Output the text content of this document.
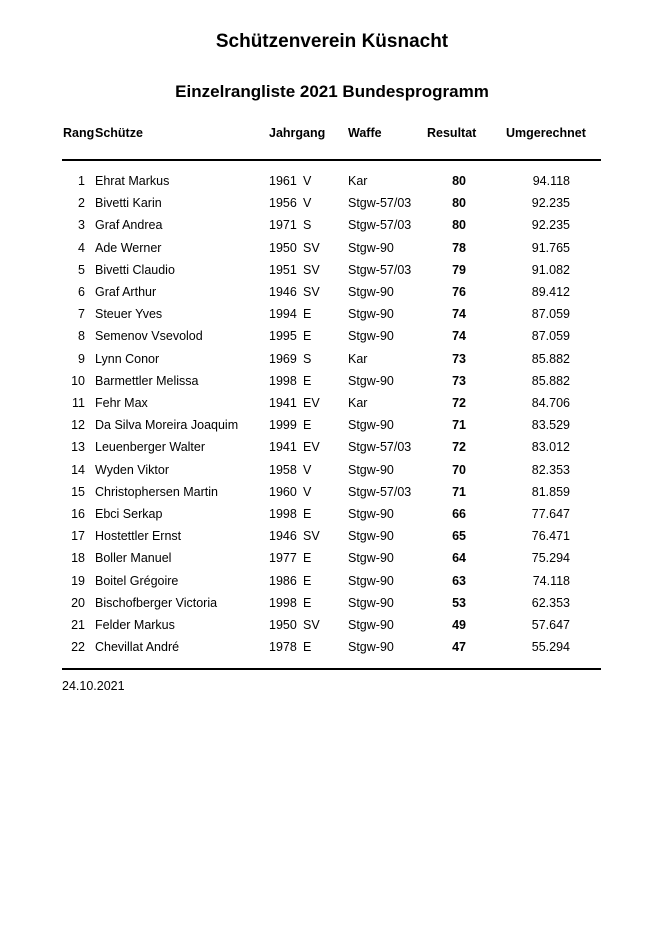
Schützenverein Küsnacht
Einzelrangliste 2021 Bundesprogramm
Rang Schütze	Jahrgang Waffe	Resultat Umgerechnet
1 Ehrat Markus	1961 V	Kar	80	94.118
2 Bivetti Karin	1956 V	Stgw-57/03	80	92.235
3 Graf Andrea	1971 S	Stgw-57/03	80	92.235
4 Ade Werner	1950 SV Stgw-90	78	91.765
5 Bivetti Claudio	1951 SV Stgw-57/03	79	91.082
6 Graf Arthur	1946 SV Stgw-90	76	89.412
7 Steuer Yves	1994 E	Stgw-90	74	87.059
8 Semenov Vsevolod	1995 E	Stgw-90	74	87.059
9 Lynn Conor	1969 S	Kar	73	85.882
10 Barmettler Melissa	1998 E	Stgw-90	73	85.882
11 Fehr Max	1941 EV Kar	72	84.706
12 Da Silva Moreira Joaquim 1999 E	Stgw-90	71	83.529
13 Leuenberger Walter	1941 EV Stgw-57/03	72	83.012
14 Wyden Viktor	1958 V	Stgw-90	70	82.353
15 Christophersen Martin	1960 V	Stgw-57/03	71	81.859
16 Ebci Serkap	1998 E	Stgw-90	66	77.647
17 Hostettler Ernst	1946 SV Stgw-90	65	76.471
18 Boller Manuel	1977 E	Stgw-90	64	75.294
19 Boitel Grégoire	1986 E	Stgw-90	63	74.118
20 Bischofberger Victoria	1998 E	Stgw-90	53	62.353
21 Felder Markus	1950 SV Stgw-90	49	57.647
22 Chevillat André	1978 E	Stgw-90	47	55.294
24.10.2021
